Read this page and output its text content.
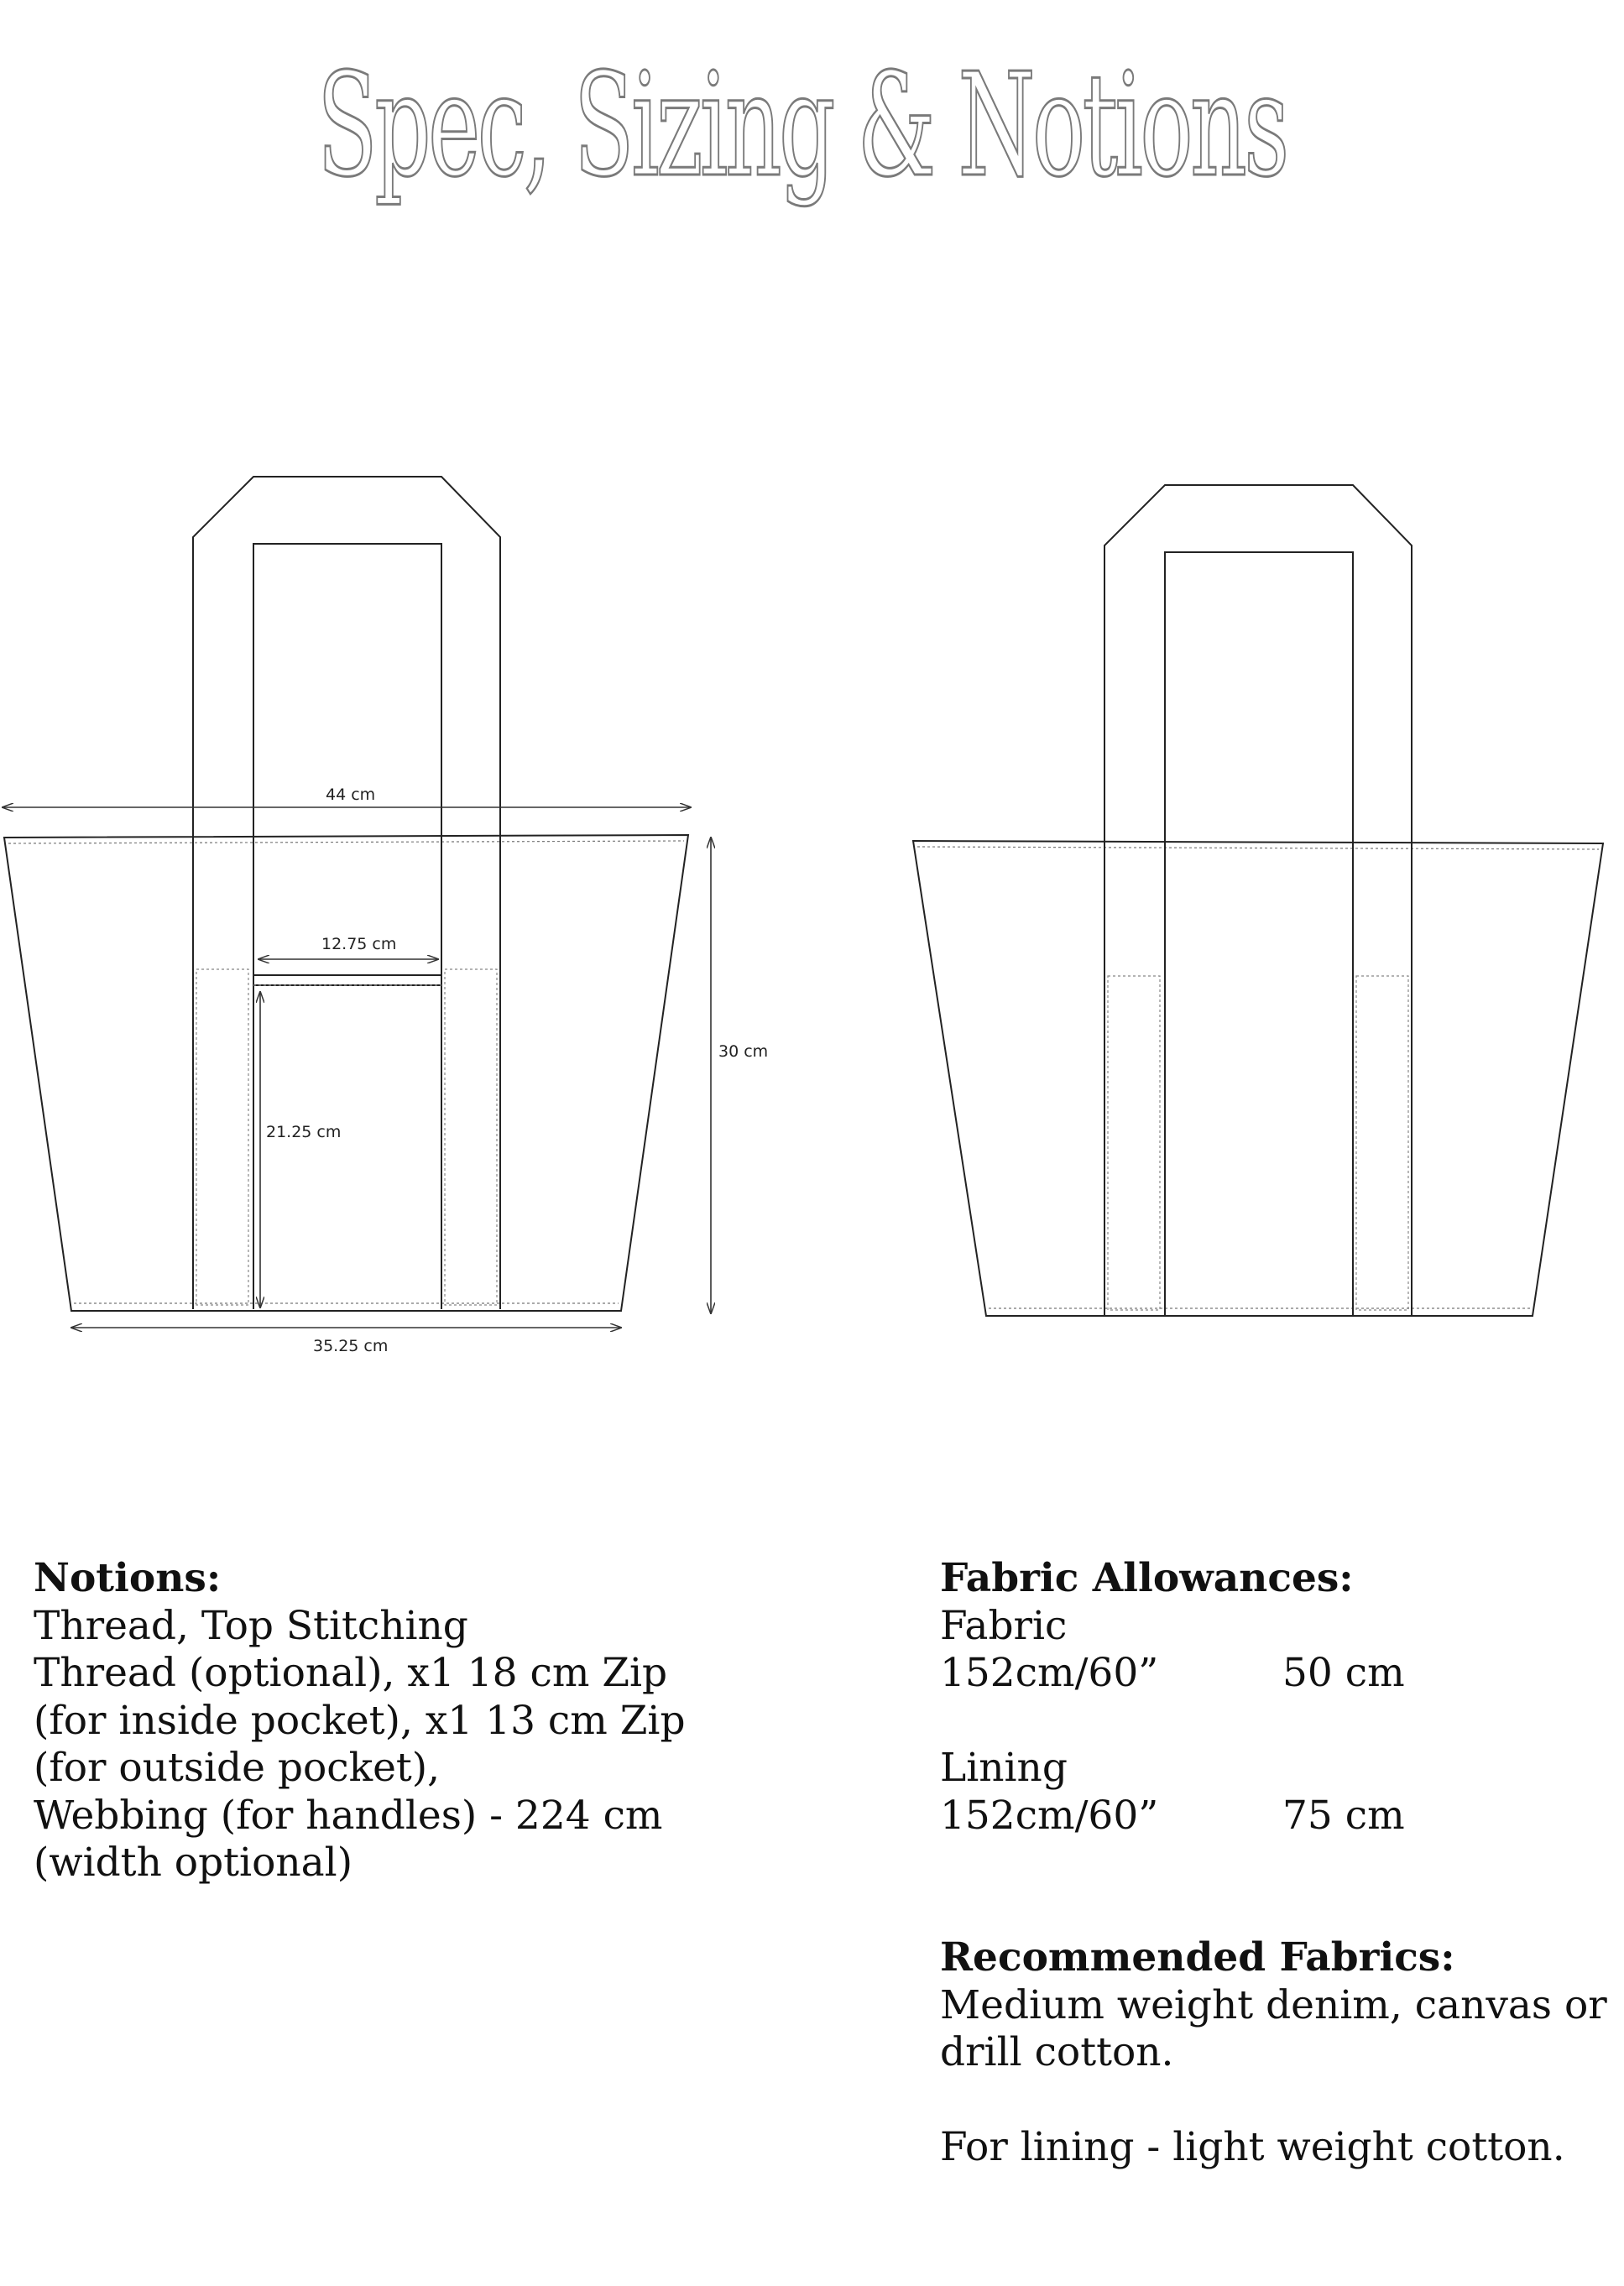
Spec, Sizing & Notions
44 cm
12.75 cm
30 cm
21.25 cm
35.25 cm
Notions:
Thread, Top Stitching
Thread (optional), x1 18 cm Zip
(for inside pocket), x1 13 cm Zip
(for outside pocket),
Webbing (for handles) - 224 cm
(width optional)
Fabric Allowances:
Fabric
152cm/60”	50 cm
Lining
152cm/60”	75 cm
Recommended Fabrics:
Medium weight denim, canvas or
drill cotton.
For lining - light weight cotton.
